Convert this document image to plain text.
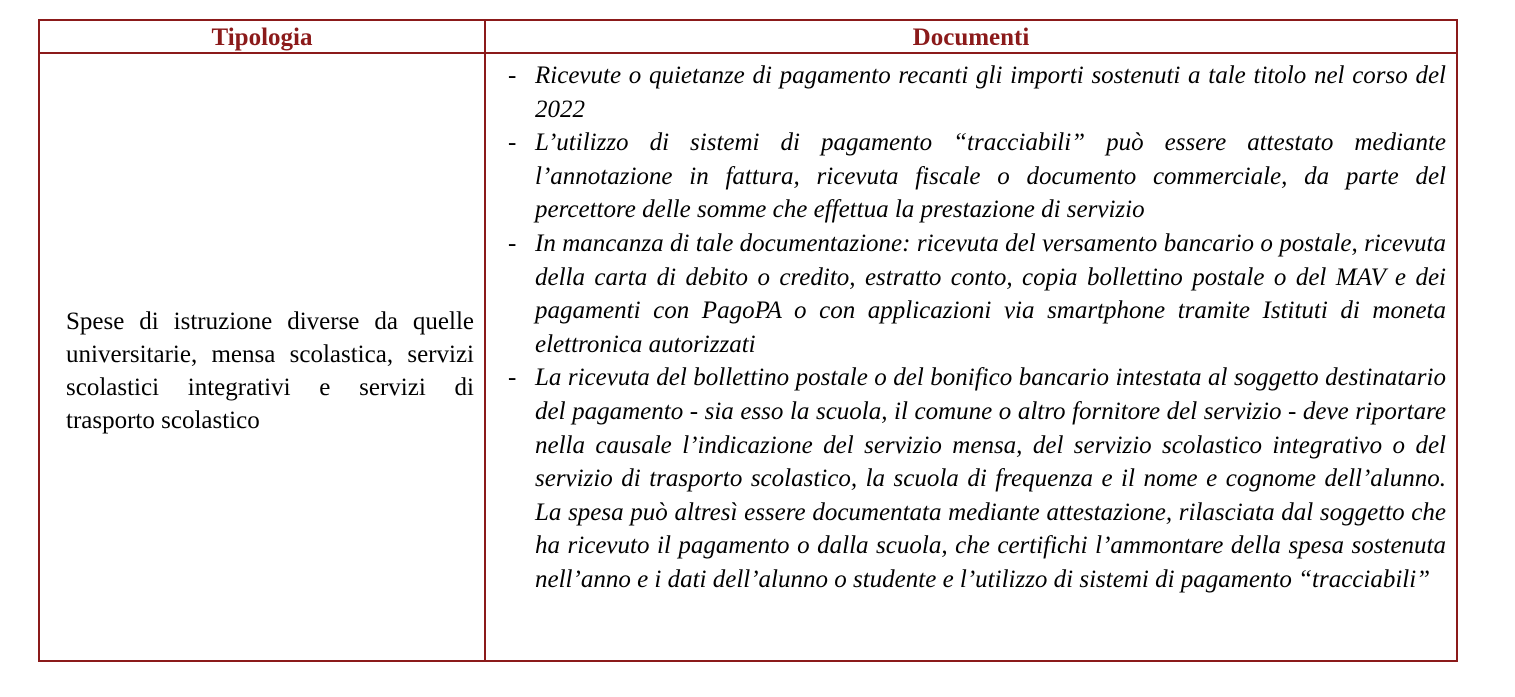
Tipologia	Documenti
Spese di istruzione diverse da quelle universitarie, mensa scolastica, servizi scolastici integrativi e servizi di trasporto scolastico
- Ricevute o quietanze di pagamento recanti gli importi sostenuti a tale titolo nel corso del 2022
- L’utilizzo di sistemi di pagamento “tracciabili” può essere attestato mediante l’annotazione in fattura, ricevuta fiscale o documento commerciale, da parte del percettore delle somme che effettua la prestazione di servizio
- In mancanza di tale documentazione: ricevuta del versamento bancario o postale, ricevuta della carta di debito o credito, estratto conto, copia bollettino postale o del MAV e dei pagamenti con PagoPA o con applicazioni via smartphone tramite Istituti di moneta elettronica autorizzati
- La ricevuta del bollettino postale o del bonifico bancario intestata al soggetto destinatario del pagamento - sia esso la scuola, il comune o altro fornitore del servizio - deve riportare nella causale l’indicazione del servizio mensa, del servizio scolastico integrativo o del servizio di trasporto scolastico, la scuola di frequenza e il nome e cognome dell’alunno. La spesa può altresì essere documentata mediante attestazione, rilasciata dal soggetto che ha ricevuto il pagamento o dalla scuola, che certifichi l’ammontare della spesa sostenuta nell’anno e i dati dell’alunno o studente e l’utilizzo di sistemi di pagamento “tracciabili”
